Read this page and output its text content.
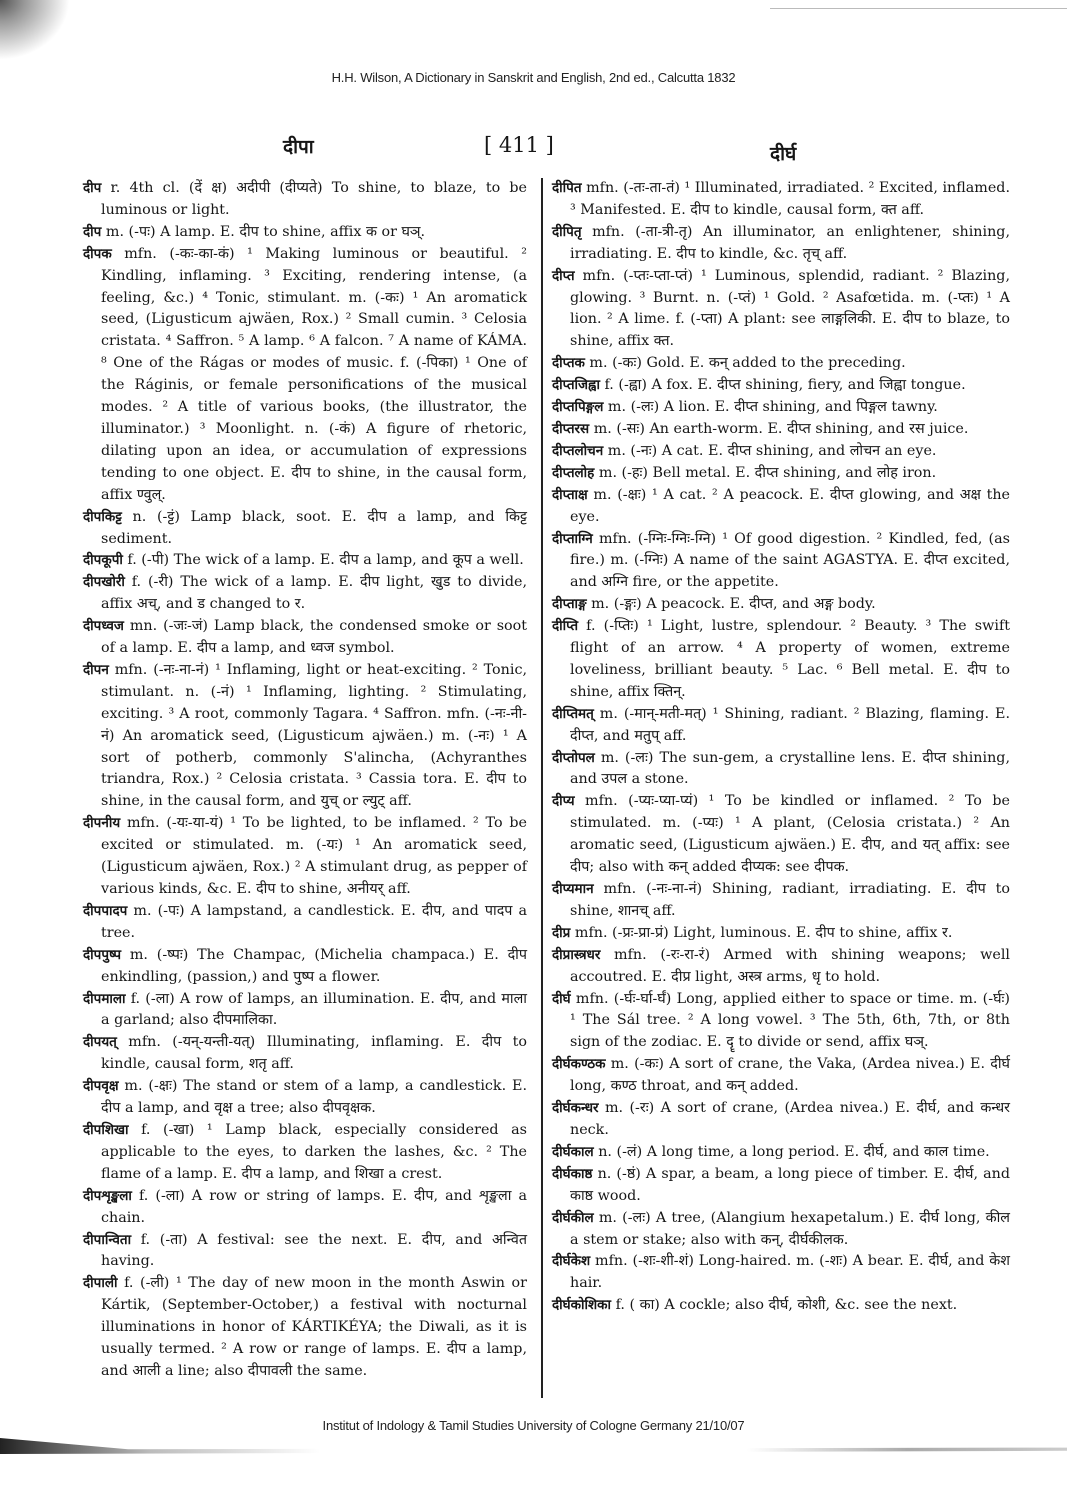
H.H. Wilson, A Dictionary in Sanskrit and English, 2nd ed., Calcutta 1832
दीपा	[ 411 ]	दीर्घ

दीप r. 4th cl. (दें क्ष) अदीपी (दीप्यते) To shine, to blaze, to be luminous or light.

दीप m. (-पः) A lamp. E. दीप to shine, affix क or घञ्.

दीपक mfn. (-कः-का-कं) ¹ Making luminous or beautiful. ² Kindling, inflaming. ³ Exciting, rendering intense, (a feeling, &c.) ⁴ Tonic, stimulant. m. (-कः) ¹ An aromatick seed, (Ligusticum ajwäen, Rox.) ² Small cumin. ³ Celosia cristata. ⁴ Saffron. ⁵ A lamp. ⁶ A falcon. ⁷ A name of KÁMA. ⁸ One of the Rágas or modes of music. f. (-पिका) ¹ One of the Ráginis, or female personifications of the musical modes. ² A title of various books, (the illustrator, the illuminator.) ³ Moonlight. n. (-कं) A figure of rhetoric, dilating upon an idea, or accumulation of expressions tending to one object. E. दीप to shine, in the causal form, affix ण्वुल्.

दीपकिट्ट n. (-ट्टं) Lamp black, soot. E. दीप a lamp, and किट्ट sediment.

दीपकूपी f. (-पी) The wick of a lamp. E. दीप a lamp, and कूप a well.

दीपखोरी f. (-री) The wick of a lamp. E. दीप light, खुड to divide, affix अच्, and ड changed to र.

दीपध्वज mn. (-जः-जं) Lamp black, the condensed smoke or soot of a lamp. E. दीप a lamp, and ध्वज symbol.

दीपन mfn. (-नः-ना-नं) ¹ Inflaming, light or heat-exciting. ² Tonic, stimulant. n. (-नं) ¹ Inflaming, lighting. ² Stimulating, exciting. ³ A root, commonly Tagara. ⁴ Saffron. mfn. (-नः-नी-नं) An aromatick seed, (Ligusticum ajwäen.) m. (-नः) ¹ A sort of potherb, commonly S'alincha, (Achyranthes triandra, Rox.) ² Celosia cristata. ³ Cassia tora. E. दीप to shine, in the causal form, and युच् or ल्युट् aff.

दीपनीय mfn. (-यः-या-यं) ¹ To be lighted, to be inflamed. ² To be excited or stimulated. m. (-यः) ¹ An aromatick seed, (Ligusticum ajwäen, Rox.) ² A stimulant drug, as pepper of various kinds, &c. E. दीप to shine, अनीयर् aff.

दीपपादप m. (-पः) A lampstand, a candlestick. E. दीप, and पादप a tree.

दीपपुष्प m. (-ष्पः) The Champac, (Michelia champaca.) E. दीप enkindling, (passion,) and पुष्प a flower.

दीपमाला f. (-ला) A row of lamps, an illumination. E. दीप, and माला a garland; also दीपमालिका.

दीपयत् mfn. (-यन्-यन्ती-यत्) Illuminating, inflaming. E. दीप to kindle, causal form, शतृ aff.

दीपवृक्ष m. (-क्षः) The stand or stem of a lamp, a candlestick. E. दीप a lamp, and वृक्ष a tree; also दीपवृक्षक.

दीपशिखा f. (-खा) ¹ Lamp black, especially considered as applicable to the eyes, to darken the lashes, &c. ² The flame of a lamp. E. दीप a lamp, and शिखा a crest.

दीपशृङ्खला f. (-ला) A row or string of lamps. E. दीप, and शृङ्खला a chain.

दीपान्विता f. (-ता) A festival: see the next. E. दीप, and अन्वित having.

दीपाली f. (-ली) ¹ The day of new moon in the month Aswin or Kártik, (September-October,) a festival with nocturnal illuminations in honor of KÁRTIKÉYA; the Diwali, as it is usually termed. ² A row or range of lamps. E. दीप a lamp, and आली a line; also दीपावली the same.

दीपित mfn. (-तः-ता-तं) ¹ Illuminated, irradiated. ² Excited, inflamed. ³ Manifested. E. दीप to kindle, causal form, क्त aff.

दीपितृ mfn. (-ता-त्री-तृ) An illuminator, an enlightener, shining, irradiating. E. दीप to kindle, &c. तृच् aff.

दीप्त mfn. (-प्तः-प्ता-प्तं) ¹ Luminous, splendid, radiant. ² Blazing, glowing. ³ Burnt. n. (-प्तं) ¹ Gold. ² Asafœtida. m. (-प्तः) ¹ A lion. ² A lime. f. (-प्ता) A plant: see लाङ्गलिकी. E. दीप to blaze, to shine, affix क्त.

दीप्तक m. (-कः) Gold. E. कन् added to the preceding.

दीप्तजिह्वा f. (-ह्वा) A fox. E. दीप्त shining, fiery, and जिह्वा tongue.

दीप्तपिङ्गल m. (-लः) A lion. E. दीप्त shining, and पिङ्गल tawny.

दीप्तरस m. (-सः) An earth-worm. E. दीप्त shining, and रस juice.

दीप्तलोचन m. (-नः) A cat. E. दीप्त shining, and लोचन an eye.

दीप्तलोह m. (-हः) Bell metal. E. दीप्त shining, and लोह iron.

दीप्ताक्ष m. (-क्षः) ¹ A cat. ² A peacock. E. दीप्त glowing, and अक्ष the eye.

दीप्ताग्नि mfn. (-ग्निः-ग्निः-ग्नि) ¹ Of good digestion. ² Kindled, fed, (as fire.) m. (-ग्निः) A name of the saint AGASTYA. E. दीप्त excited, and अग्नि fire, or the appetite.

दीप्ताङ्ग m. (-ङ्गः) A peacock. E. दीप्त, and अङ्ग body.

दीप्ति f. (-प्तिः) ¹ Light, lustre, splendour. ² Beauty. ³ The swift flight of an arrow. ⁴ A property of women, extreme loveliness, brilliant beauty. ⁵ Lac. ⁶ Bell metal. E. दीप to shine, affix क्तिन्.

दीप्तिमत् m. (-मान्-मती-मत्) ¹ Shining, radiant. ² Blazing, flaming. E. दीप्त, and मतुप् aff.

दीप्तोपल m. (-लः) The sun-gem, a crystalline lens. E. दीप्त shining, and उपल a stone.

दीप्य mfn. (-प्यः-प्या-प्यं) ¹ To be kindled or inflamed. ² To be stimulated. m. (-प्यः) ¹ A plant, (Celosia cristata.) ² An aromatic seed, (Ligusticum ajwäen.) E. दीप, and यत् affix: see दीप; also with कन् added दीप्यक: see दीपक.

दीप्यमान mfn. (-नः-ना-नं) Shining, radiant, irradiating. E. दीप to shine, शानच् aff.

दीप्र mfn. (-प्रः-प्रा-प्रं) Light, luminous. E. दीप to shine, affix र.

दीप्रास्त्रधर mfn. (-रः-रा-रं) Armed with shining weapons; well accoutred. E. दीप्र light, अस्त्र arms, धृ to hold.

दीर्घ mfn. (-र्घः-र्घा-र्घं) Long, applied either to space or time. m. (-र्घः) ¹ The Sál tree. ² A long vowel. ³ The 5th, 6th, 7th, or 8th sign of the zodiac. E. दॄ to divide or send, affix घञ्.

दीर्घकण्ठक m. (-कः) A sort of crane, the Vaka, (Ardea nivea.) E. दीर्घ long, कण्ठ throat, and कन् added.

दीर्घकन्धर m. (-रः) A sort of crane, (Ardea nivea.) E. दीर्घ, and कन्धर neck.

दीर्घकाल n. (-लं) A long time, a long period. E. दीर्घ, and काल time.

दीर्घकाष्ठ n. (-ष्ठं) A spar, a beam, a long piece of timber. E. दीर्घ, and काष्ठ wood.

दीर्घकील m. (-लः) A tree, (Alangium hexapetalum.) E. दीर्घ long, कील a stem or stake; also with कन्, दीर्घकीलक.

दीर्घकेश mfn. (-शः-शी-शं) Long-haired. m. (-शः) A bear. E. दीर्घ, and केश hair.

दीर्घकोशिका f. ( का) A cockle; also दीर्घ, कोशी, &c. see the next.

Institut of Indology & Tamil Studies University of Cologne Germany 21/10/07
